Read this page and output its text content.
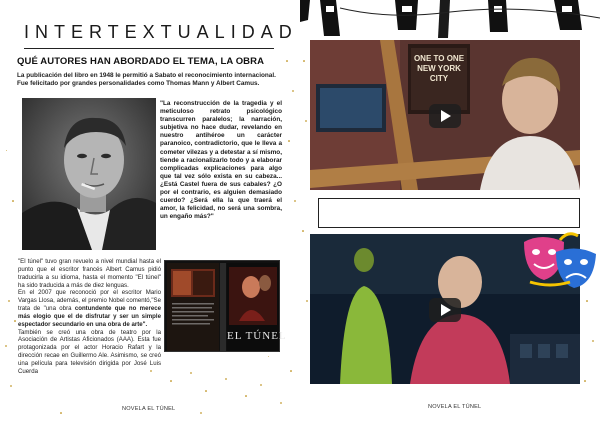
INTERTEXTUALIDAD
QUÉ AUTORES HAN ABORDADO EL TEMA, LA OBRA
La publicación del libro en 1948 le permitió a Sabato el reconocimiento internacional. Fue felicitado por grandes personalidades como Thomas Mann y Albert Camus.
"La reconstrucción de la tragedia y el meticuloso retrato psicológico transcurren paralelos; la narración, subjetiva no hace dudar, revelando en nuestro antihéroe un carácter paranoico, contradictorio, que le lleva a cometer vilezas y a detestar a sí mismo, tiende a racionalizarlo todo y a elaborar complicadas explicaciones para algo que tal vez sólo exista en su cabeza... ¿Está Castel fuera de sus cabales? ¿O por el contrario, es alguien demasiado cuerdo? ¿Será ella la que traerá el amor, la felicidad, no será una sombra, un engaño más?"

"El túnel" tuvo gran revuelo a nivel mundial hasta el punto que el escritor francés Albert Camus pidió traducirla a su idioma, hasta el momento "El túnel" ha sido traducida a más de diez lenguas.

En el 2007 que reconoció por el escritor Mario Vargas Llosa, además, el premio Nobel comentó,"Se trata de "una obra contundente que no merece más elogio que el de disfrutar y ser un simple espectador secundario en una obra de arte".

También se creó una obra de teatro por la Asociación de Artistas Aficionados (AAA). Esta fue protagonizada por el actor Horacio Rafart y la dirección recae en Guillermo Ale. Asimismo, se creó una película para televisión dirigida por José Luis Cuerda

EL TÚNEL
NOVELA EL TÚNEL
ONE TO ONE NEW YORK CITY
NOVELA EL TÚNEL
